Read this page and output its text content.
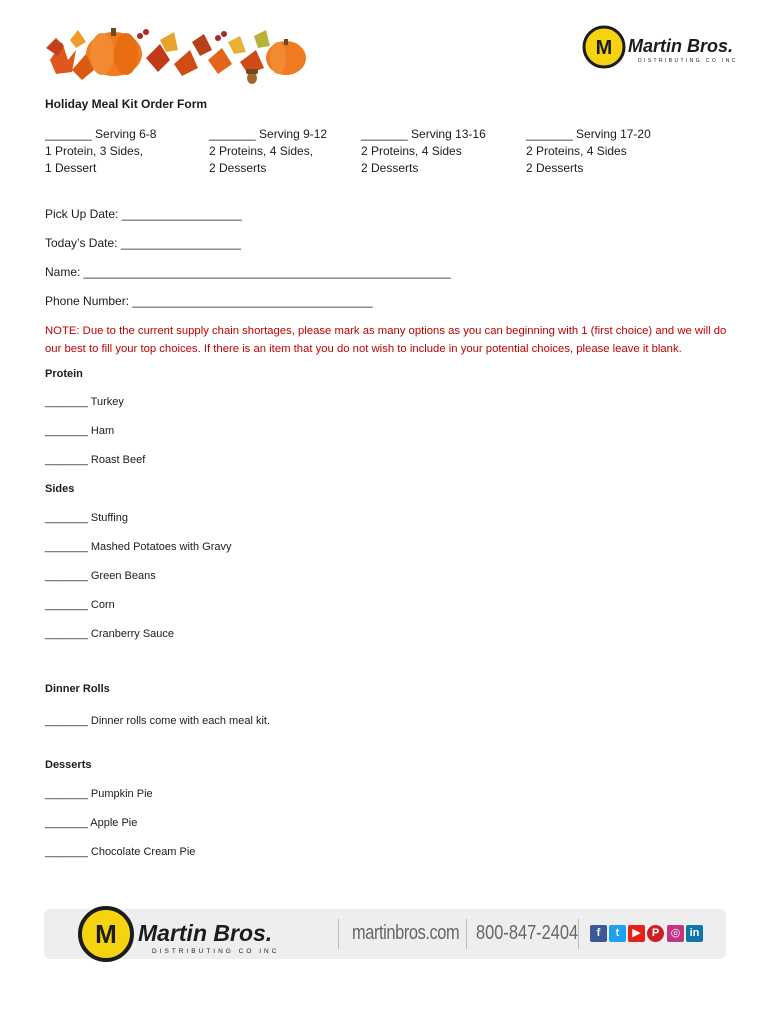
M Martin Bros.
DISTRIBUTING CO INC
Holiday Meal Kit Order Form
_______ Serving 6-8
1 Protein, 3 Sides,
1 Dessert
_______ Serving 9-12
2 Proteins, 4 Sides,
2 Desserts
_______ Serving 13-16
2 Proteins, 4 Sides
2 Desserts
_______ Serving 17-20
2 Proteins, 4 Sides
2 Desserts
Pick Up Date: __________________
Today’s Date: __________________
Name: _______________________________________________________
Phone Number: ____________________________________
NOTE: Due to the current supply chain shortages, please mark as many options as you can beginning with 1 (first choice) and we will do our best to fill your top choices. If there is an item that you do not wish to include in your potential choices, please leave it blank.
Protein
_______ Turkey
_______ Ham
_______ Roast Beef
Sides
_______ Stuffing
_______ Mashed Potatoes with Gravy
_______ Green Beans
_______ Corn
_______ Cranberry Sauce
Dinner Rolls
_______ Dinner rolls come with each meal kit.
Desserts
_______ Pumpkin Pie
_______ Apple Pie
_______ Chocolate Cream Pie
M Martin Bros.
DISTRIBUTING CO INC
martinbros.com 800-847-2404	f	t	▶	P	◎ in
